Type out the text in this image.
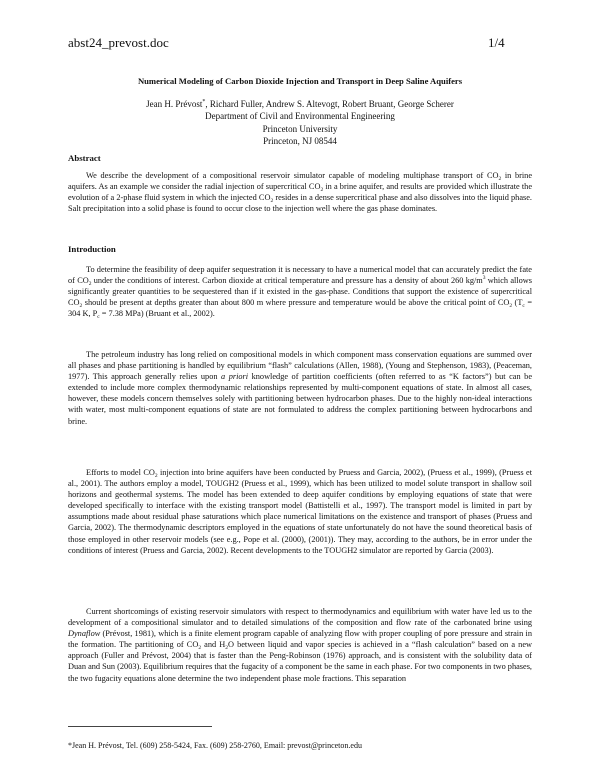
abst24_prevost.doc	1/4
Numerical Modeling of Carbon Dioxide Injection and Transport in Deep Saline Aquifers
Jean H. Prévost*, Richard Fuller, Andrew S. Altevogt, Robert Bruant, George Scherer
Department of Civil and Environmental Engineering
Princeton University
Princeton, NJ 08544
Abstract

We describe the development of a compositional reservoir simulator capable of modeling multiphase transport of $CO_2$ in brine aquifers. As an example we consider the radial injection of supercritical $CO_2$ in a brine aquifer, and results are provided which illustrate the evolution of a 2-phase fluid system in which the injected $CO_2$ resides in a dense supercritical phase and also dissolves into the liquid phase. Salt precipitation into a solid phase is found to occur close to the injection well where the gas phase dominates.

Introduction

To determine the feasibility of deep aquifer sequestration it is necessary to have a numerical model that can accurately predict the fate of $CO_2$ under the conditions of interest. Carbon dioxide at critical temperature and pressure has a density of about 260 $kg/m^3$ which allows significantly greater quantities to be sequestered than if it existed in the gas-phase. Conditions that support the existence of supercritical $CO_2$ should be present at depths greater than about 800 m where pressure and temperature would be above the critical point of $CO_2$ ($T_c = 304$ K, $P_c = 7.38$ MPa) (Bruant et al., 2002).

The petroleum industry has long relied on compositional models in which component mass conservation equations are summed over all phases and phase partitioning is handled by equilibrium “flash” calculations (Allen, 1988), (Young and Stephenson, 1983), (Peaceman, 1977). This approach generally relies upon a priori knowledge of partition coefficients (often referred to as “K factors”) but can be extended to include more complex thermodynamic relationships represented by multi-component equations of state. In almost all cases, however, these models concern themselves solely with partitioning between hydrocarbon phases. Due to the highly non-ideal interactions with water, most multi-component equations of state are not formulated to address the complex partitioning between hydrocarbons and brine.

Efforts to model $CO_2$ injection into brine aquifers have been conducted by Pruess and Garcia, 2002), (Pruess et al., 1999), (Pruess et al., 2001). The authors employ a model, TOUGH2 (Pruess et al., 1999), which has been utilized to model solute transport in shallow soil horizons and geothermal systems. The model has been extended to deep aquifer conditions by employing equations of state that were developed specifically to interface with the existing transport model (Battistelli et al., 1997). The transport model is limited in part by assumptions made about residual phase saturations which place numerical limitations on the existence and transport of phases (Pruess and Garcia, 2002). The thermodynamic descriptors employed in the equations of state unfortunately do not have the sound theoretical basis of those employed in other reservoir models (see e.g., Pope et al. (2000), (2001)). They may, according to the authors, be in error under the conditions of interest (Pruess and Garcia, 2002). Recent developments to the TOUGH2 simulator are reported by Garcia (2003).

Current shortcomings of existing reservoir simulators with respect to thermodynamics and equilibrium with water have led us to the development of a compositional simulator and to detailed simulations of the composition and flow rate of the carbonated brine using Dynaflow (Prévost, 1981), which is a finite element program capable of analyzing flow with proper coupling of pore pressure and strain in the formation. The partitioning of $CO_2$ and $H_2O$ between liquid and vapor species is achieved in a “flash calculation” based on a new approach (Fuller and Prévost, 2004) that is faster than the Peng-Robinson (1976) approach, and is consistent with the solubility data of Duan and Sun (2003). Equilibrium requires that the fugacity of a component be the same in each phase. For two components in two phases, the two fugacity equations alone determine the two independent phase mole fractions. This separation

*Jean H. Prévost, Tel. (609) 258-5424, Fax. (609) 258-2760, Email: prevost@princeton.edu
